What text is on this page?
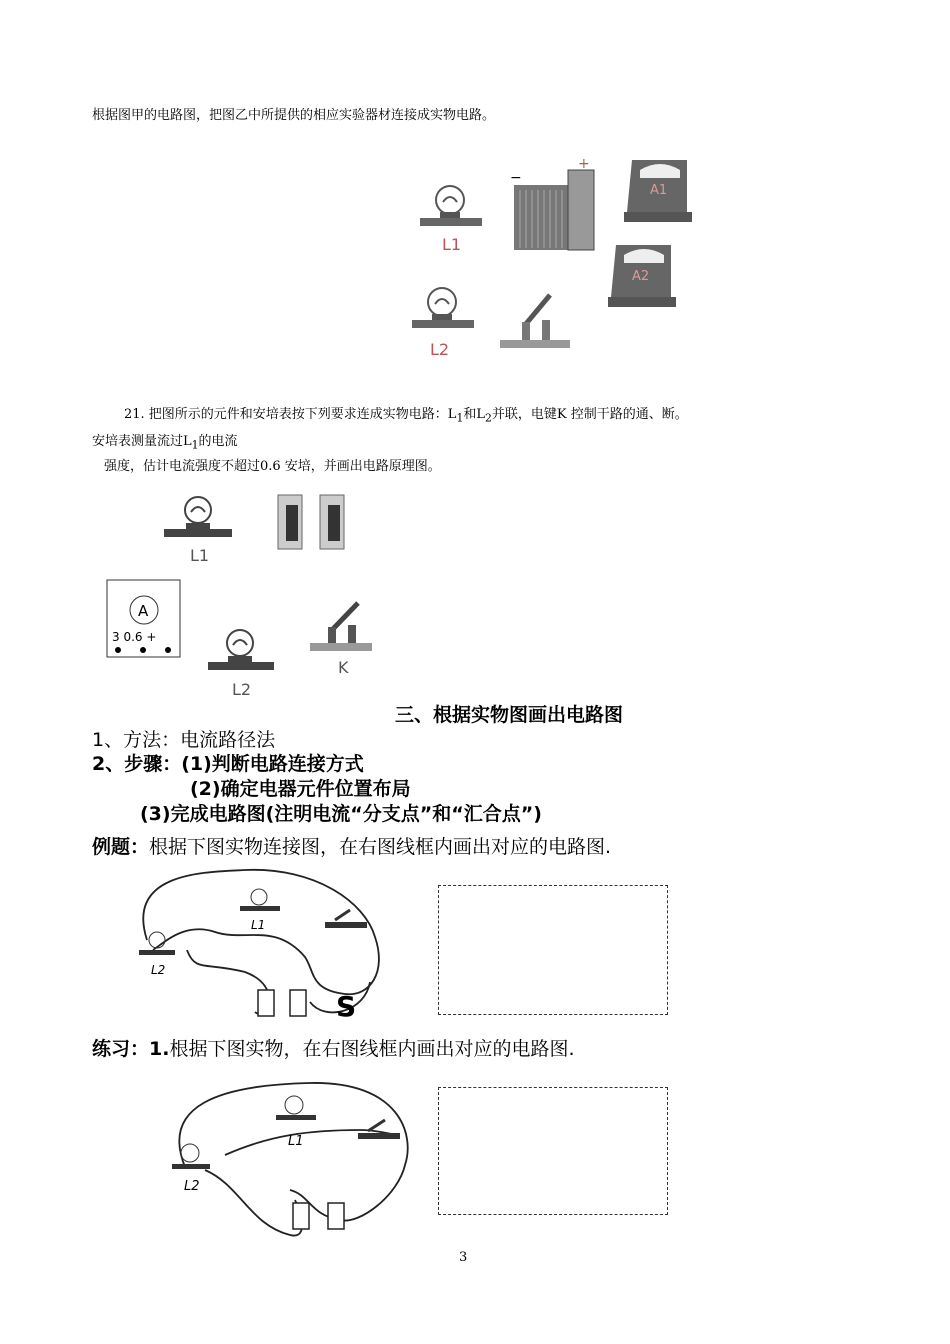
根据图甲的电路图，把图乙中所提供的相应实验器材连接成实物电路。
L1
−
+
A1
A2
L2
21. 把图所示的元件和安培表按下列要求连成实物电路：$L_1$和$L_2$并联，电键K 控制干路的通、断。
安培表测量流过$L_1$的电流
强度，估计电流强度不超过0.6 安培，并画出电路原理图。
L1
A
3 0.6 +
L2
K
三、根据实物图画出电路图
1、方法：电流路径法
2、步骤：(1)判断电路连接方式
(2)确定电器元件位置布局
(3)完成电路图(注明电流“分支点”和“汇合点”)
例题：根据下图实物连接图，在右图线框内画出对应的电路图.
L1
L2
S
练习：1.根据下图实物，在右图线框内画出对应的电路图.
L1
L2
3
